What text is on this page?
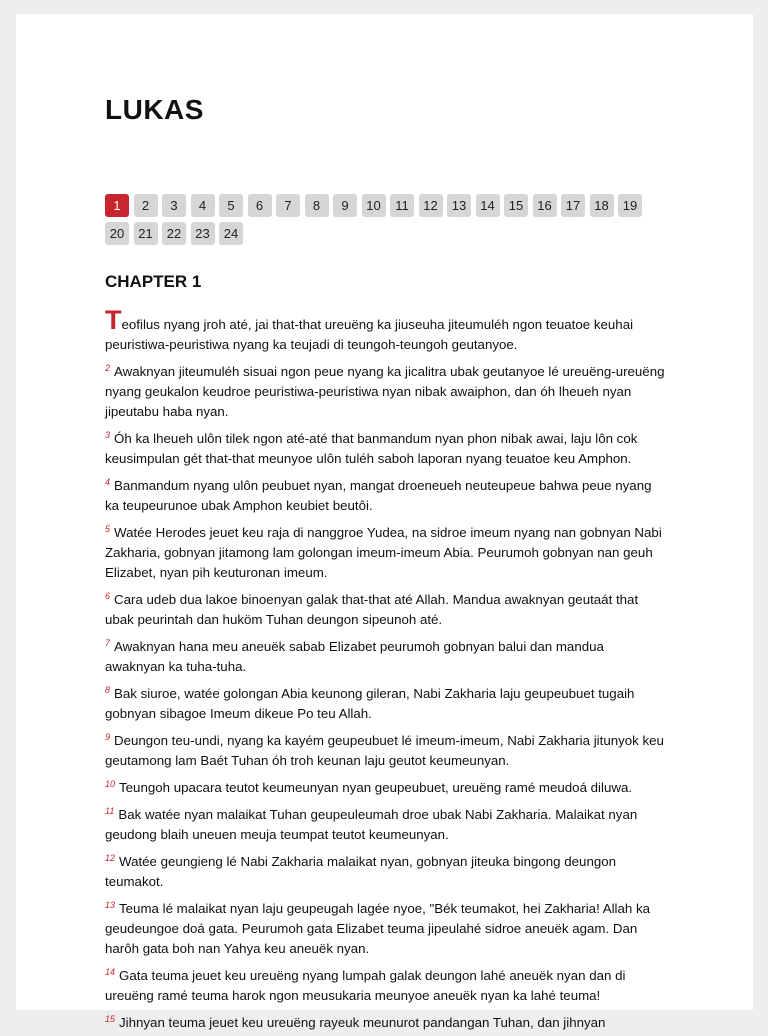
LUKAS
1	2	3	4	5	6	7	8	9	10	11	12	13	14	15	16	17	18	19
20	21	22	23	24
CHAPTER 1

Teofilus nyang jroh até, jai that-that ureuëng ka jiuseuha jiteumuléh ngon teuatoe keuhai peuristiwa-peuristiwa nyang ka teujadi di teungoh-teungoh geutanyoe.

$^2$ Awaknyan jiteumuléh sisuai ngon peue nyang ka jicalitra ubak geutanyoe lé ureuëng-ureuëng nyang geukalon keudroe peuristiwa-peuristiwa nyan nibak awaiphon, dan óh lheueh nyan jipeutabu haba nyan.

$^3$ Óh ka lheueh ulôn tilek ngon até-até that banmandum nyan phon nibak awai, laju lôn cok keusimpulan gét that-that meunyoe ulôn tuléh saboh laporan nyang teuatoe keu Amphon.

$^4$ Banmandum nyang ulôn peubuet nyan, mangat droeneueh neuteupeue bahwa peue nyang ka teupeurunoe ubak Amphon keubiet beutôi.

$^5$ Watée Herodes jeuet keu raja di nanggroe Yudea, na sidroe imeum nyang nan gobnyan Nabi Zakharia, gobnyan jitamong lam golongan imeum-imeum Abia. Peurumoh gobnyan nan geuh Elizabet, nyan pih keuturonan imeum.

$^6$ Cara udeb dua lakoe binoenyan galak that-that até Allah. Mandua awaknyan geutaát that ubak peurintah dan huköm Tuhan deungon sipeunoh até.

$^7$ Awaknyan hana meu aneuëk sabab Elizabet peurumoh gobnyan balui dan mandua awaknyan ka tuha-tuha.

$^8$ Bak siuroe, watée golongan Abia keunong gileran, Nabi Zakharia laju geupeubuet tugaih gobnyan sibagoe Imeum dikeue Po teu Allah.

$^9$ Deungon teu-undi, nyang ka kayém geupeubuet lé imeum-imeum, Nabi Zakharia jitunyok keu geutamong lam Baét Tuhan óh troh keunan laju geutot keumeunyan.

$^{10}$ Teungoh upacara teutot keumeunyan nyan geupeubuet, ureuëng ramé meudoá diluwa.

$^{11}$ Bak watée nyan malaikat Tuhan geupeuleumah droe ubak Nabi Zakharia. Malaikat nyan geudong blaih uneuen meuja teumpat teutot keumeunyan.

$^{12}$ Watée geungieng lé Nabi Zakharia malaikat nyan, gobnyan jiteuka bingong deungon teumakot.

$^{13}$ Teuma lé malaikat nyan laju geupeugah lagée nyoe, "Bék teumakot, hei Zakharia! Allah ka geudeungoe doá gata. Peurumoh gata Elizabet teuma jipeulahé sidroe aneuëk agam. Dan harôh gata boh nan Yahya keu aneuëk nyan.

$^{14}$ Gata teuma jeuet keu ureuëng nyang lumpah galak deungon lahé aneuëk nyan dan di ureuëng ramé teuma harok ngon meusukaria meunyoe aneuëk nyan ka lahé teuma!

$^{15}$ Jihnyan teuma jeuet keu ureuëng rayeuk meunurot pandangan Tuhan, dan jihnyan
